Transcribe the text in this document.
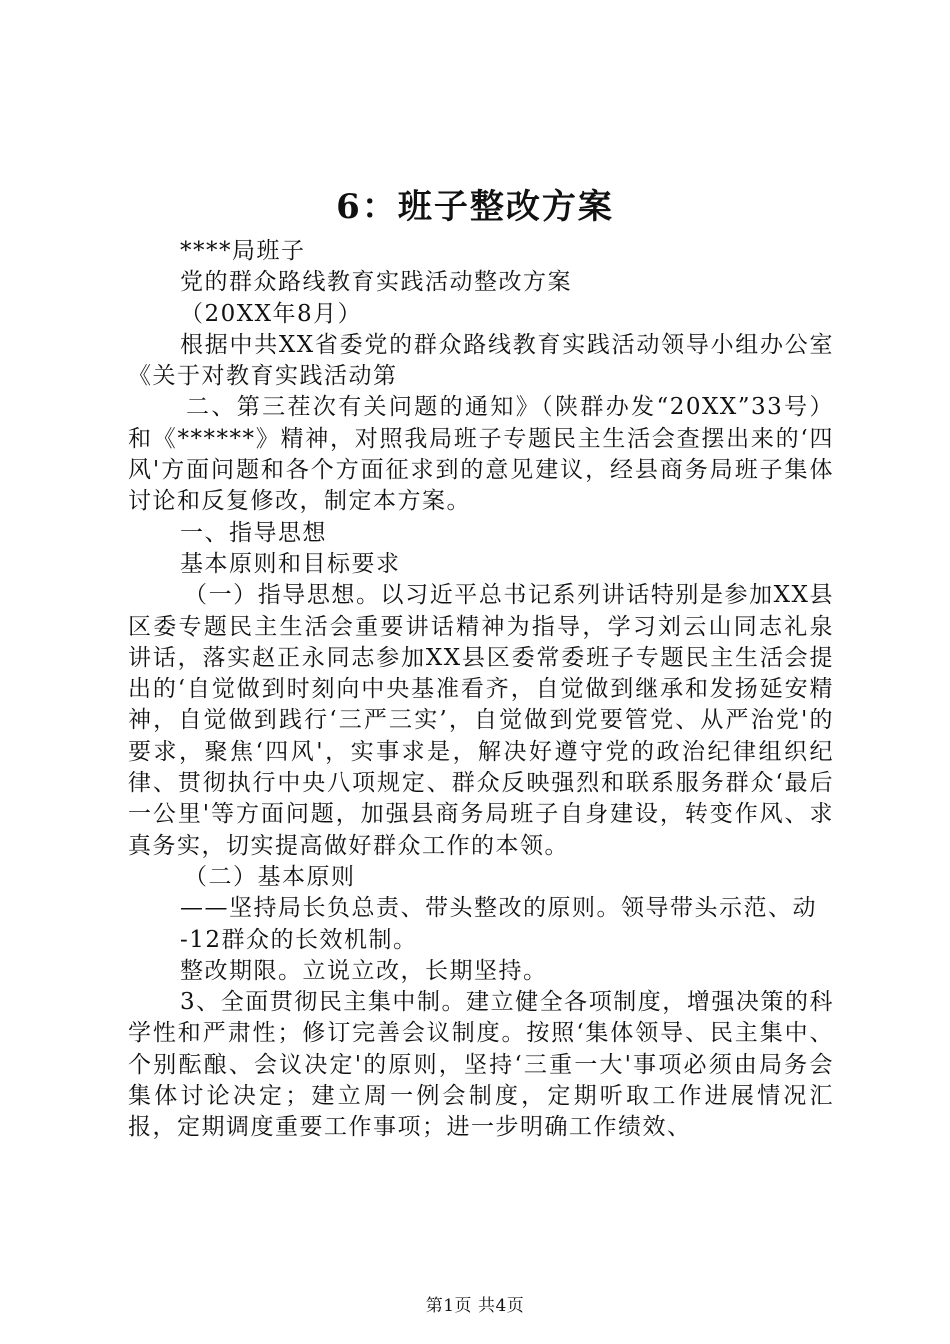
6：班子整改方案

****局班子

党的群众路线教育实践活动整改方案

（20XX年8月）

根据中共XX省委党的群众路线教育实践活动领导小组办公室《关于对教育实践活动第

二、第三茬次有关问题的通知》（陕群办发“20XX”33号）和《******》精神，对照我局班子专题民主生活会查摆出来的‘四风'方面问题和各个方面征求到的意见建议，经县商务局班子集体讨论和反复修改，制定本方案。

一、指导思想

基本原则和目标要求

（一）指导思想。以习近平总书记系列讲话特别是参加XX县区委专题民主生活会重要讲话精神为指导，学习刘云山同志礼泉讲话，落实赵正永同志参加XX县区委常委班子专题民主生活会提出的‘自觉做到时刻向中央基准看齐，自觉做到继承和发扬延安精神，自觉做到践行‘三严三实’，自觉做到党要管党、从严治党'的要求，聚焦‘四风'，实事求是，解决好遵守党的政治纪律组织纪律、贯彻执行中央八项规定、群众反映强烈和联系服务群众‘最后一公里'等方面问题，加强县商务局班子自身建设，转变作风、求真务实，切实提高做好群众工作的本领。

（二）基本原则

——坚持局长负总责、带头整改的原则。领导带头示范、动

-12群众的长效机制。

整改期限。立说立改，长期坚持。

3、全面贯彻民主集中制。建立健全各项制度，增强决策的科学性和严肃性；修订完善会议制度。按照‘集体领导、民主集中、个别酝酿、会议决定'的原则，坚持‘三重一大'事项必须由局务会集体讨论决定；建立周一例会制度，定期听取工作进展情况汇报，定期调度重要工作事项；进一步明确工作绩效、

第1页 共4页
